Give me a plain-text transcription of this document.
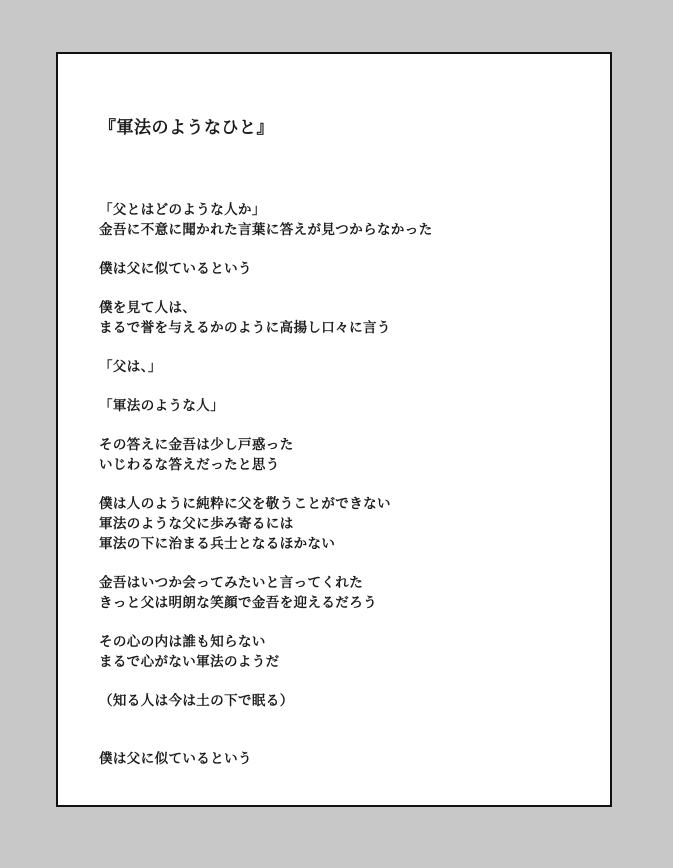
『軍法のようなひと』
「父とはどのような人か」
金吾に不意に聞かれた言葉に答えが見つからなかった
僕は父に似ているという
僕を見て人は、
まるで誉を与えるかのように高揚し口々に言う
「父は、」
「軍法のような人」
その答えに金吾は少し戸惑った
いじわるな答えだったと思う
僕は人のように純粋に父を敬うことができない
軍法のような父に歩み寄るには
軍法の下に治まる兵士となるほかない
金吾はいつか会ってみたいと言ってくれた
きっと父は明朗な笑顔で金吾を迎えるだろう
その心の内は誰も知らない
まるで心がない軍法のようだ
（知る人は今は土の下で眠る）
僕は父に似ているという
